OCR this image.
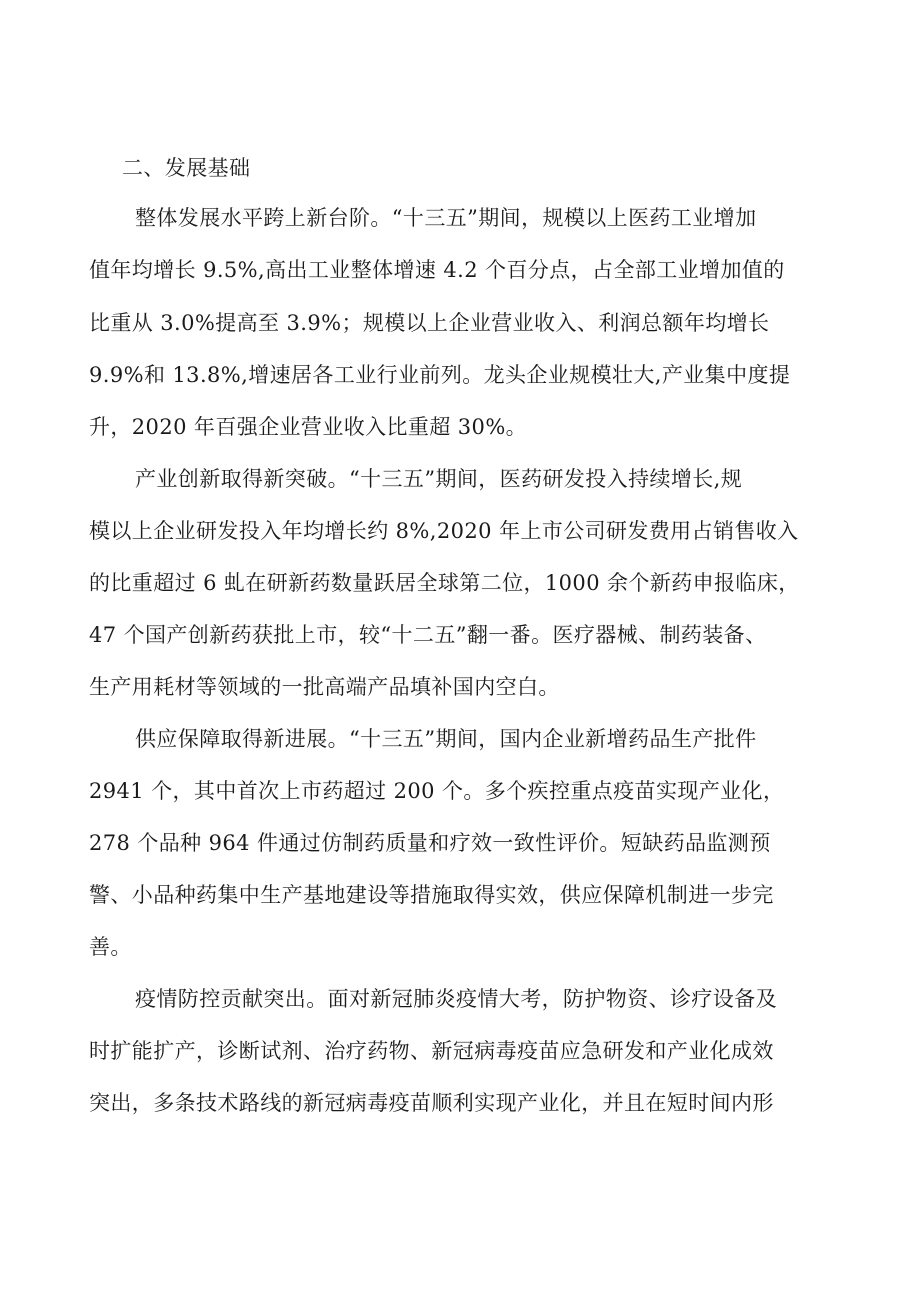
二、发展基础
整体发展水平跨上新台阶。“十三五”期间，规模以上医药工业增加
值年均增长 9.5%,高出工业整体增速 4.2 个百分点，占全部工业增加值的
比重从 3.0%提高至 3.9%；规模以上企业营业收入、利润总额年均增长
9.9%和 13.8%,增速居各工业行业前列。龙头企业规模壮大,产业集中度提
升，2020 年百强企业营业收入比重超 30%。
产业创新取得新突破。“十三五”期间，医药研发投入持续增长,规
模以上企业研发投入年均增长约 8%,2020 年上市公司研发费用占销售收入
的比重超过 6 虬在研新药数量跃居全球第二位，1000 余个新药申报临床，
47 个国产创新药获批上市，较“十二五”翻一番。医疗器械、制药装备、
生产用耗材等领域的一批高端产品填补国内空白。
供应保障取得新进展。“十三五”期间，国内企业新增药品生产批件
2941 个，其中首次上市药超过 200 个。多个疾控重点疫苗实现产业化，
278 个品种 964 件通过仿制药质量和疗效一致性评价。短缺药品监测预
警、小品种药集中生产基地建设等措施取得实效，供应保障机制进一步完
善。
疫情防控贡献突出。面对新冠肺炎疫情大考，防护物资、诊疗设备及
时扩能扩产，诊断试剂、治疗药物、新冠病毒疫苗应急研发和产业化成效
突出，多条技术路线的新冠病毒疫苗顺利实现产业化，并且在短时间内形
